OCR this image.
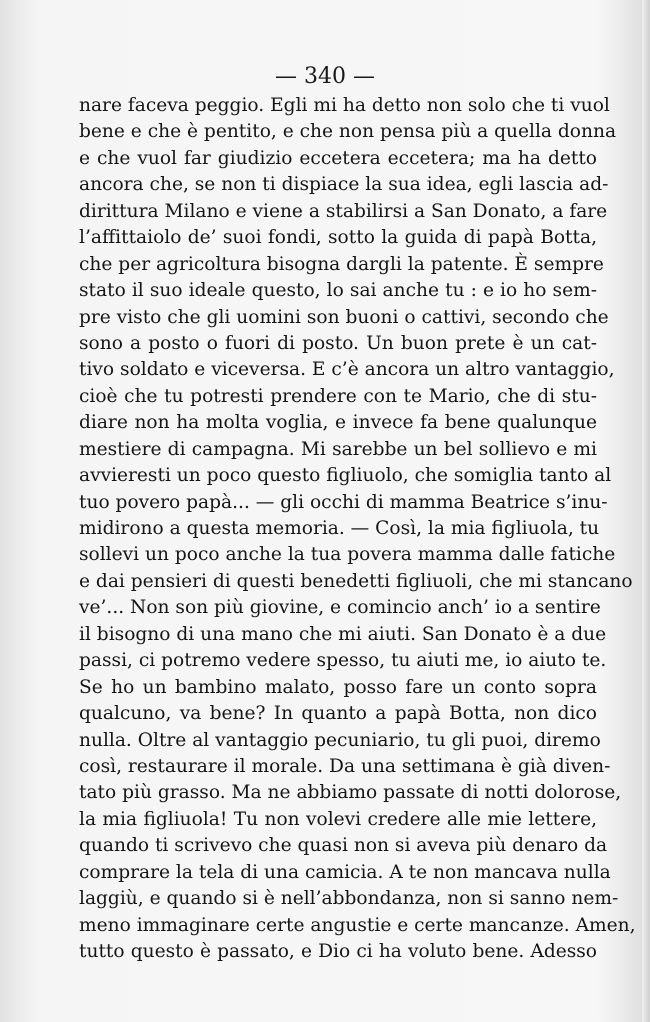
— 340 —
nare faceva peggio. Egli mi ha detto non solo che ti vuol
bene e che è pentito, e che non pensa più a quella donna
e che vuol far giudizio eccetera eccetera; ma ha detto
ancora che, se non ti dispiace la sua idea, egli lascia ad-
dirittura Milano e viene a stabilirsi a San Donato, a fare
l’affittaiolo de’ suoi fondi, sotto la guida di papà Botta,
che per agricoltura bisogna dargli la patente. È sempre
stato il suo ideale questo, lo sai anche tu : e io ho sem-
pre visto che gli uomini son buoni o cattivi, secondo che
sono a posto o fuori di posto. Un buon prete è un cat-
tivo soldato e viceversa. E c’è ancora un altro vantaggio,
cioè che tu potresti prendere con te Mario, che di stu-
diare non ha molta voglia, e invece fa bene qualunque
mestiere di campagna. Mi sarebbe un bel sollievo e mi
avvieresti un poco questo figliuolo, che somiglia tanto al
tuo povero papà... — gli occhi di mamma Beatrice s’inu-
midirono a questa memoria. — Così, la mia figliuola, tu
sollevi un poco anche la tua povera mamma dalle fatiche
e dai pensieri di questi benedetti figliuoli, che mi stancano
ve’... Non son più giovine, e comincio anch’ io a sentire
il bisogno di una mano che mi aiuti. San Donato è a due
passi, ci potremo vedere spesso, tu aiuti me, io aiuto te.
Se ho un bambino malato, posso fare un conto sopra
qualcuno, va bene? In quanto a papà Botta, non dico
nulla. Oltre al vantaggio pecuniario, tu gli puoi, diremo
così, restaurare il morale. Da una settimana è già diven-
tato più grasso. Ma ne abbiamo passate di notti dolorose,
la mia figliuola! Tu non volevi credere alle mie lettere,
quando ti scrivevo che quasi non si aveva più denaro da
comprare la tela di una camicia. A te non mancava nulla
laggiù, e quando si è nell’abbondanza, non si sanno nem-
meno immaginare certe angustie e certe mancanze. Amen,
tutto questo è passato, e Dio ci ha voluto bene. Adesso
